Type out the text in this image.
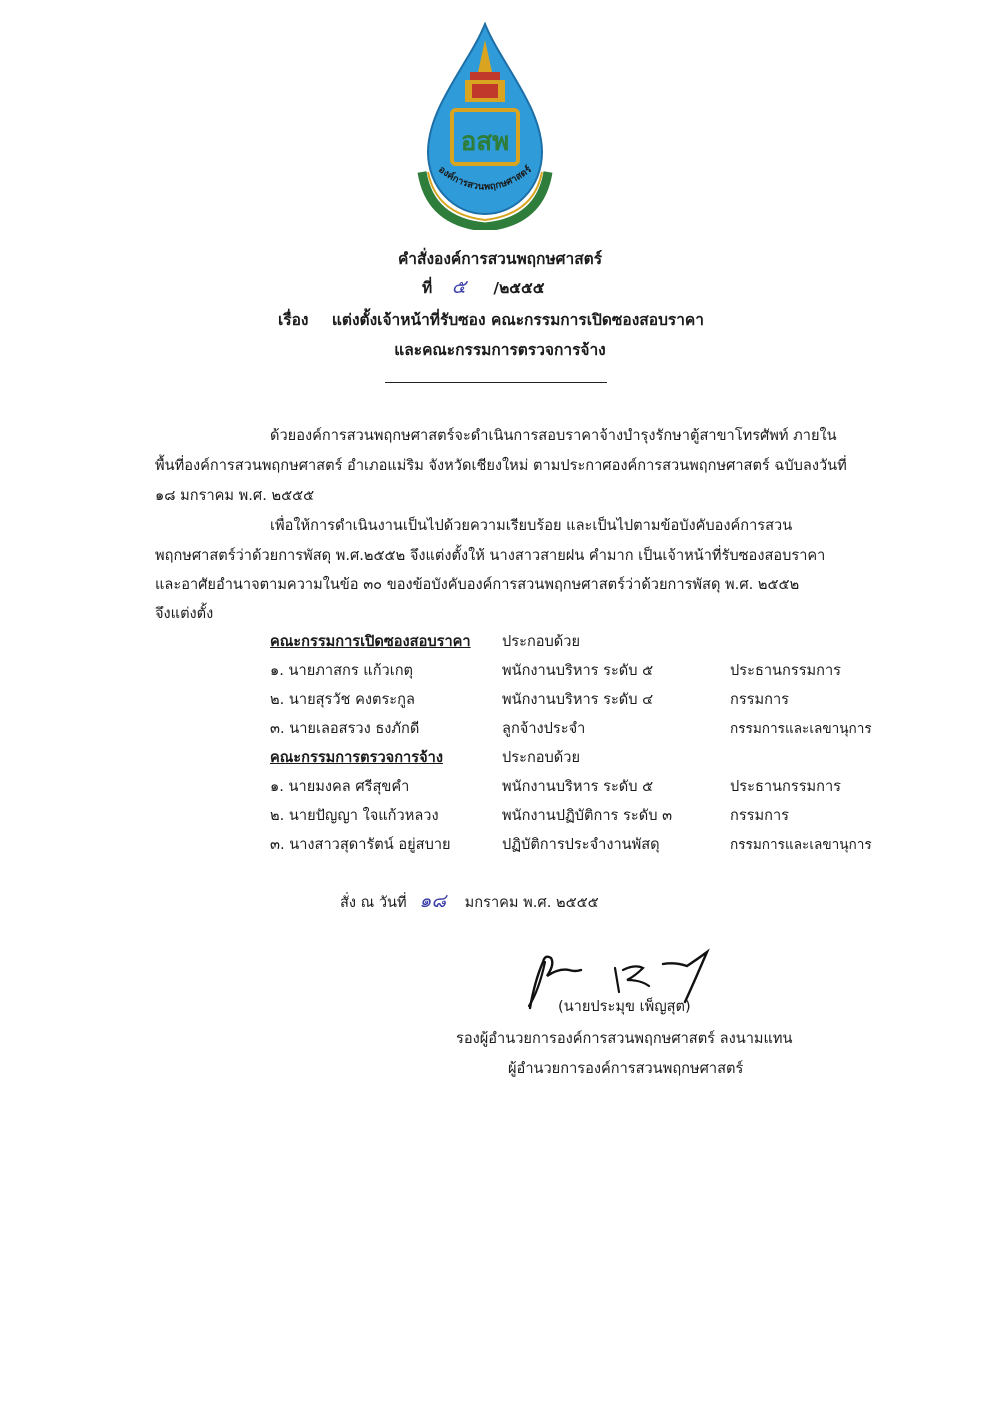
อสพ
องค์การสวนพฤกษศาสตร์
คำสั่งองค์การสวนพฤกษศาสตร์
ที่ ๕ /๒๕๕๕
เรื่อง แต่งตั้งเจ้าหน้าที่รับซอง คณะกรรมการเปิดซองสอบราคา
และคณะกรรมการตรวจการจ้าง
ด้วยองค์การสวนพฤกษศาสตร์จะดำเนินการสอบราคาจ้างบำรุงรักษาตู้สาขาโทรศัพท์ ภายใน
พื้นที่องค์การสวนพฤกษศาสตร์ อำเภอแม่ริม จังหวัดเชียงใหม่ ตามประกาศองค์การสวนพฤกษศาสตร์ ฉบับลงวันที่
๑๘ มกราคม พ.ศ. ๒๕๕๕
เพื่อให้การดำเนินงานเป็นไปด้วยความเรียบร้อย และเป็นไปตามข้อบังคับองค์การสวน
พฤกษศาสตร์ว่าด้วยการพัสดุ พ.ศ.๒๕๕๒ จึงแต่งตั้งให้ นางสาวสายฝน คำมาก เป็นเจ้าหน้าที่รับซองสอบราคา
และอาศัยอำนาจตามความในข้อ ๓๐ ของข้อบังคับองค์การสวนพฤกษศาสตร์ว่าด้วยการพัสดุ พ.ศ. ๒๕๕๒
จึงแต่งตั้ง
คณะกรรมการเปิดซองสอบราคา ประกอบด้วย
๑. นายภาสกร แก้วเกตุ	พนักงานบริหาร ระดับ ๕	ประธานกรรมการ
๒. นายสุรวัช คงตระกูล	พนักงานบริหาร ระดับ ๔	กรรมการ
๓. นายเลอสรวง ธงภักดี	ลูกจ้างประจำ	กรรมการและเลขานุการ
คณะกรรมการตรวจการจ้าง	ประกอบด้วย
๑. นายมงคล ศรีสุขคำ	พนักงานบริหาร ระดับ ๕	ประธานกรรมการ
๒. นายปัญญา ใจแก้วหลวง	พนักงานปฏิบัติการ ระดับ ๓	กรรมการ
๓. นางสาวสุดารัตน์ อยู่สบาย	ปฏิบัติการประจำงานพัสดุ	กรรมการและเลขานุการ
สั่ง ณ วันที่ ๑๘ มกราคม พ.ศ. ๒๕๕๕
(นายประมุข เพ็ญสุต)
รองผู้อำนวยการองค์การสวนพฤกษศาสตร์ ลงนามแทน
ผู้อำนวยการองค์การสวนพฤกษศาสตร์
